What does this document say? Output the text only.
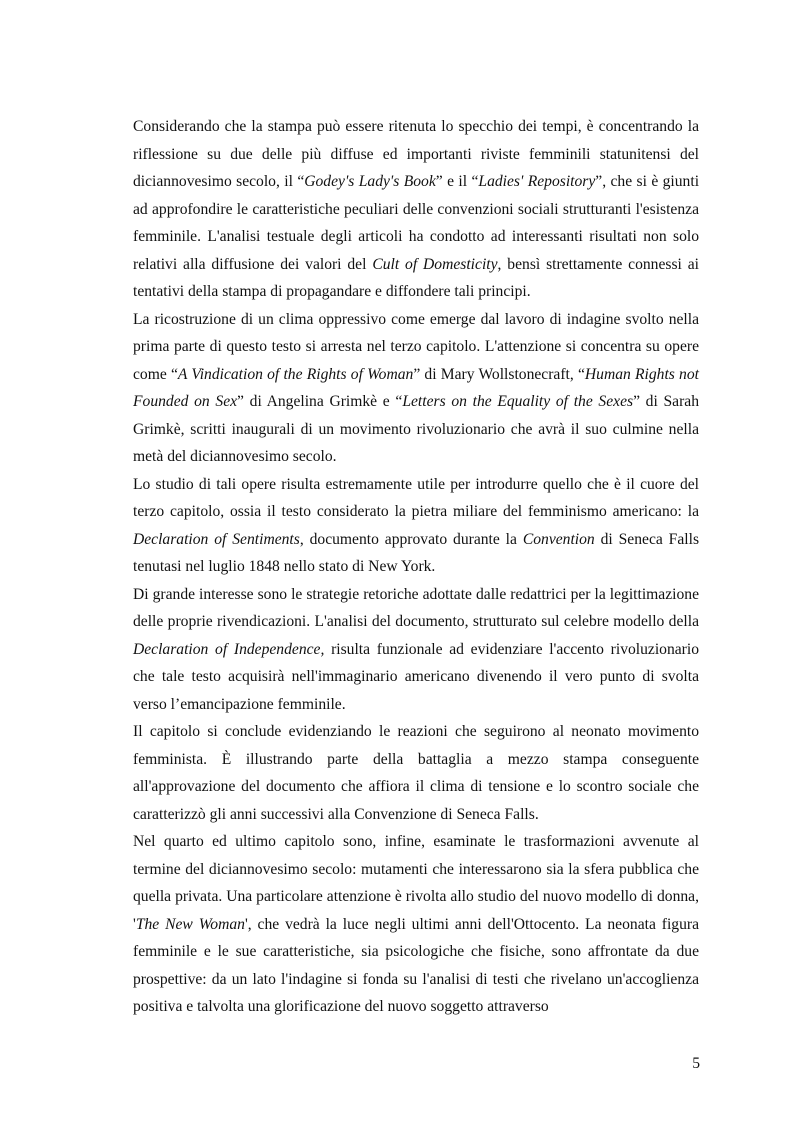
Considerando che la stampa può essere ritenuta lo specchio dei tempi, è concentrando la riflessione su due delle più diffuse ed importanti riviste femminili statunitensi del diciannovesimo secolo, il “Godey's Lady's Book” e il “Ladies' Repository”, che si è giunti ad approfondire le caratteristiche peculiari delle convenzioni sociali strutturanti l'esistenza femminile. L'analisi testuale degli articoli ha condotto ad interessanti risultati non solo relativi alla diffusione dei valori del Cult of Domesticity, bensì strettamente connessi ai tentativi della stampa di propagandare e diffondere tali principi.

La ricostruzione di un clima oppressivo come emerge dal lavoro di indagine svolto nella prima parte di questo testo si arresta nel terzo capitolo. L'attenzione si concentra su opere come “A Vindication of the Rights of Woman” di Mary Wollstonecraft, “Human Rights not Founded on Sex” di Angelina Grimkè e “Letters on the Equality of the Sexes” di Sarah Grimkè, scritti inaugurali di un movimento rivoluzionario che avrà il suo culmine nella metà del diciannovesimo secolo.

Lo studio di tali opere risulta estremamente utile per introdurre quello che è il cuore del terzo capitolo, ossia il testo considerato la pietra miliare del femminismo americano: la Declaration of Sentiments, documento approvato durante la Convention di Seneca Falls tenutasi nel luglio 1848 nello stato di New York.

Di grande interesse sono le strategie retoriche adottate dalle redattrici per la legittimazione delle proprie rivendicazioni. L'analisi del documento, strutturato sul celebre modello della Declaration of Independence, risulta funzionale ad evidenziare l'accento rivoluzionario che tale testo acquisirà nell'immaginario americano divenendo il vero punto di svolta verso l’emancipazione femminile.

Il capitolo si conclude evidenziando le reazioni che seguirono al neonato movimento femminista. È illustrando parte della battaglia a mezzo stampa conseguente all'approvazione del documento che affiora il clima di tensione e lo scontro sociale che caratterizzò gli anni successivi alla Convenzione di Seneca Falls.

Nel quarto ed ultimo capitolo sono, infine, esaminate le trasformazioni avvenute al termine del diciannovesimo secolo: mutamenti che interessarono sia la sfera pubblica che quella privata. Una particolare attenzione è rivolta allo studio del nuovo modello di donna, 'The New Woman', che vedrà la luce negli ultimi anni dell'Ottocento. La neonata figura femminile e le sue caratteristiche, sia psicologiche che fisiche, sono affrontate da due prospettive: da un lato l'indagine si fonda su l'analisi di testi che rivelano un'accoglienza positiva e talvolta una glorificazione del nuovo soggetto attraverso

5
